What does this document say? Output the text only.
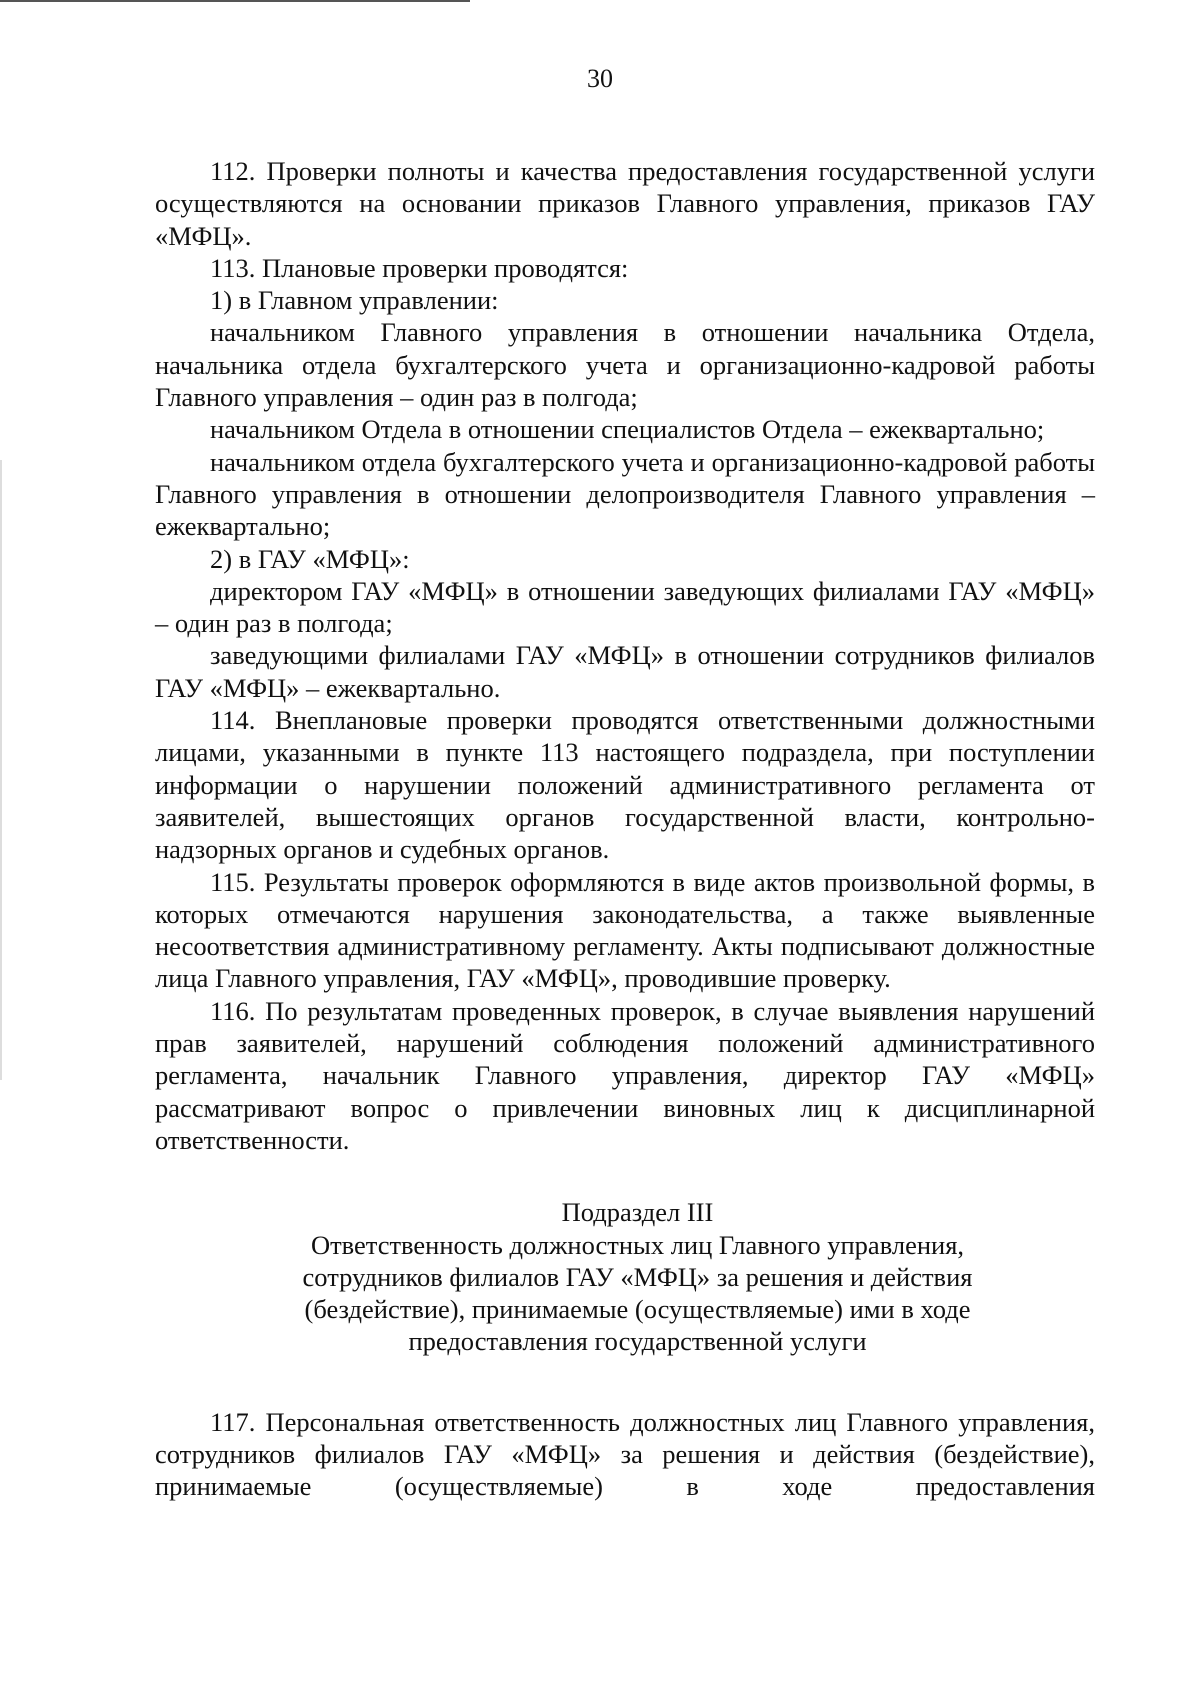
30

112. Проверки полноты и качества предоставления государственной услуги осуществляются на основании приказов Главного управления, приказов ГАУ «МФЦ».

113. Плановые проверки проводятся:

1) в Главном управлении:

начальником Главного управления в отношении начальника Отдела, начальника отдела бухгалтерского учета и организационно-кадровой работы Главного управления – один раз в полгода;

начальником Отдела в отношении специалистов Отдела – ежеквартально;

начальником отдела бухгалтерского учета и организационно-кадровой работы Главного управления в отношении делопроизводителя Главного управления – ежеквартально;

2) в ГАУ «МФЦ»:

директором ГАУ «МФЦ» в отношении заведующих филиалами ГАУ «МФЦ» – один раз в полгода;

заведующими филиалами ГАУ «МФЦ» в отношении сотрудников филиалов ГАУ «МФЦ» – ежеквартально.

114. Внеплановые проверки проводятся ответственными должностными лицами, указанными в пункте 113 настоящего подраздела, при поступлении информации о нарушении положений административного регламента от заявителей, вышестоящих органов государственной власти, контрольно-надзорных органов и судебных органов.

115. Результаты проверок оформляются в виде актов произвольной формы, в которых отмечаются нарушения законодательства, а также выявленные несоответствия административному регламенту. Акты подписывают должностные лица Главного управления, ГАУ «МФЦ», проводившие проверку.

116. По результатам проведенных проверок, в случае выявления нарушений прав заявителей, нарушений соблюдения положений административного регламента, начальник Главного управления, директор ГАУ «МФЦ» рассматривают вопрос о привлечении виновных лиц к дисциплинарной ответственности.

Подраздел III

Ответственность должностных лиц Главного управления,

сотрудников филиалов ГАУ «МФЦ» за решения и действия

(бездействие), принимаемые (осуществляемые) ими в ходе

предоставления государственной услуги

117. Персональная ответственность должностных лиц Главного управления, сотрудников филиалов ГАУ «МФЦ» за решения и действия (бездействие), принимаемые (осуществляемые) в ходе предоставления
